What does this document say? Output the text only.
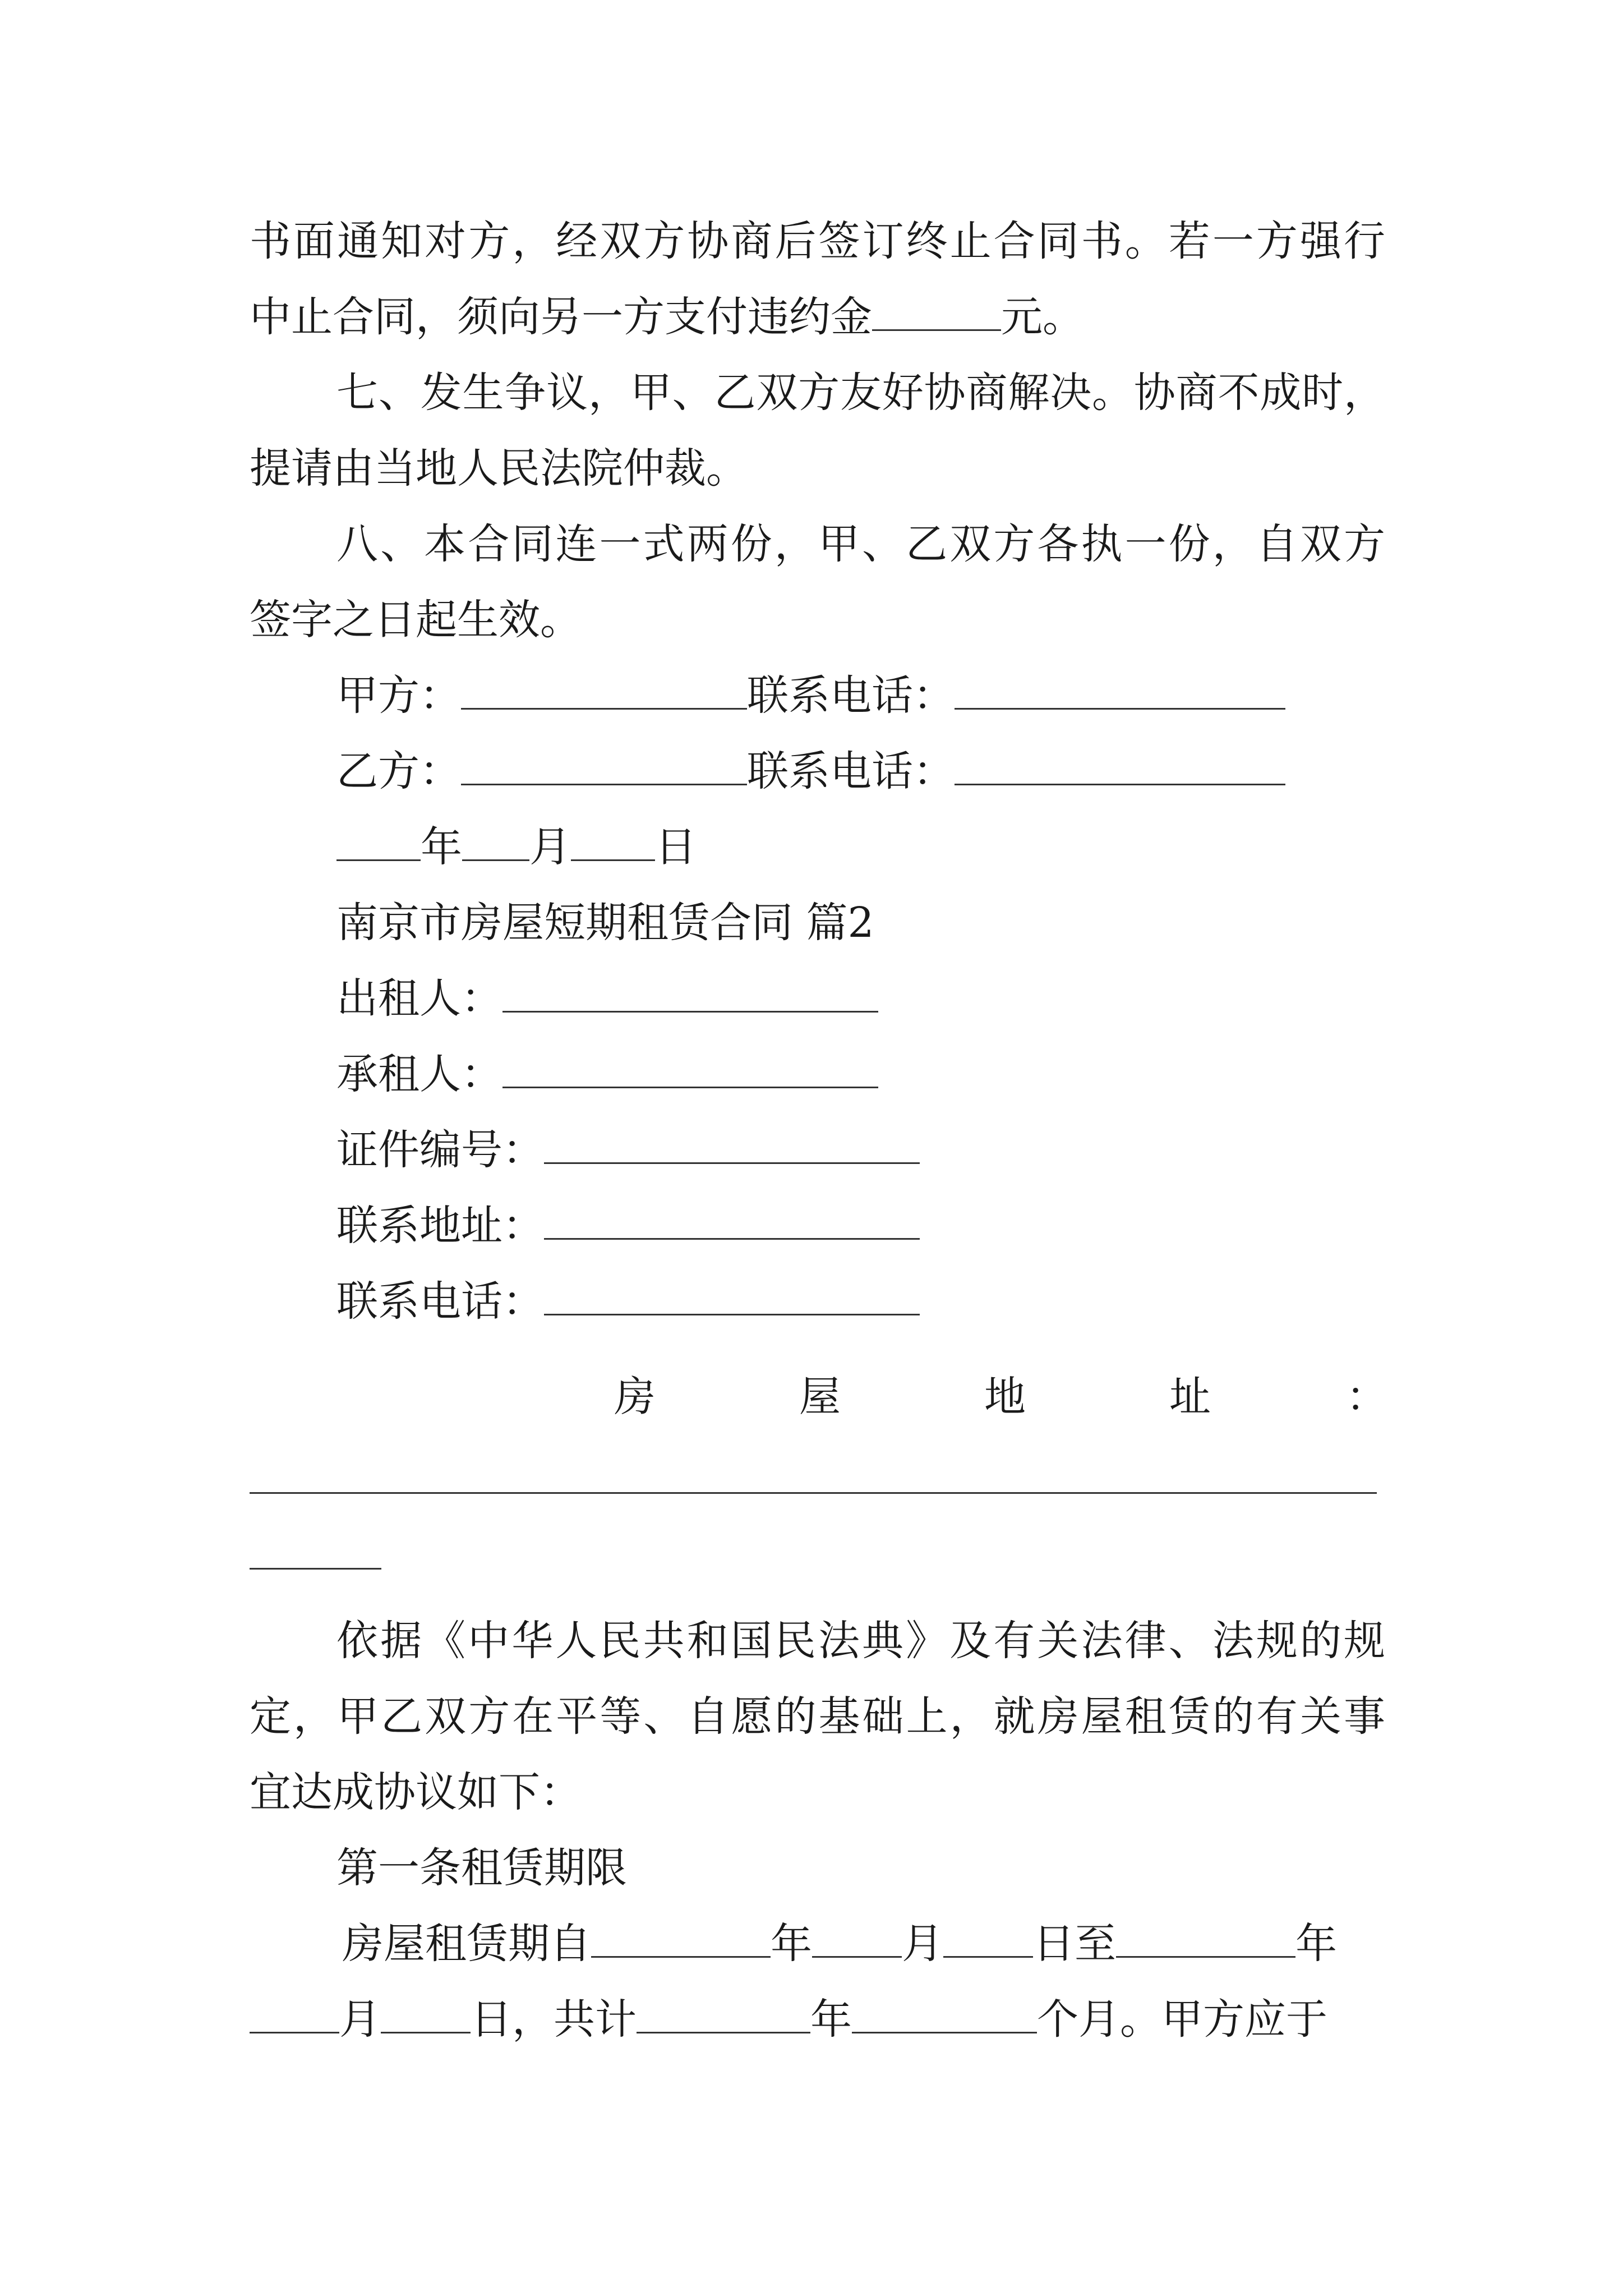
书面通知对方，经双方协商后签订终止合同书。若一方强行

中止合同，须向另一方支付违约金	元。

七、发生争议，甲、乙双方友好协商解决。协商不成时，

提请由当地人民法院仲裁。

八、本合同连一式两份，甲、乙双方各执一份，自双方

签字之日起生效。

甲方：	联系电话：

乙方：	联系电话：

年 月 日

南京市房屋短期租赁合同 篇2

出租人：

承租人：

证件编号：

联系地址：

联系电话：

房	屋	地	址	：

依据《中华人民共和国民法典》及有关法律、法规的规

定，甲乙双方在平等、自愿的基础上，就房屋租赁的有关事

宜达成协议如下：

第一条租赁期限

房屋租赁期自	年 月 日至	年

月 日，共计	年	个月。甲方应于
